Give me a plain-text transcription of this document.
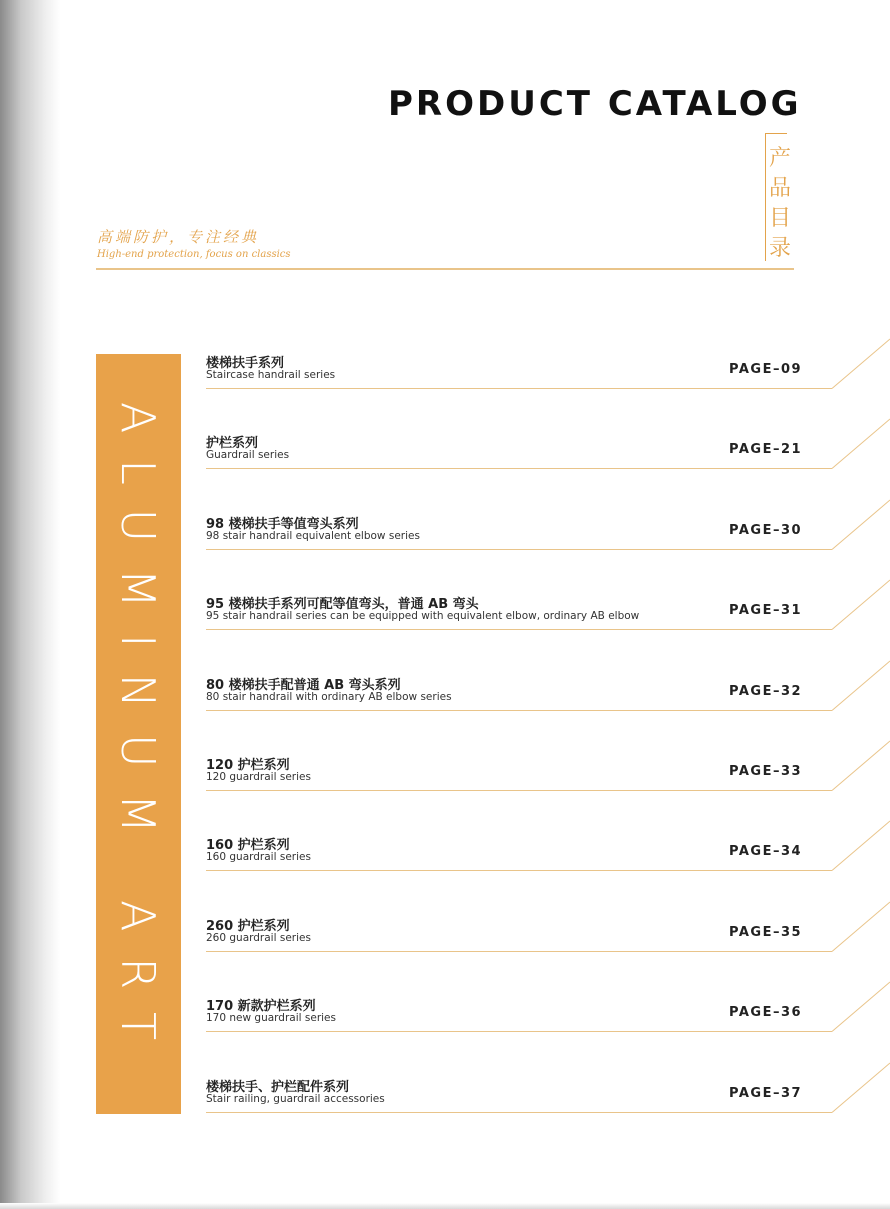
PRODUCT CATALOG
产
品
目
录
高端防护，专注经典
High-end protection, focus on classics
ALUMINUM ART
楼梯扶手系列
Staircase handrail series	PAGE–09
护栏系列
Guardrail series	PAGE–21
98 楼梯扶手等值弯头系列
98 stair handrail equivalent elbow series	PAGE–30
95 楼梯扶手系列可配等值弯头，普通 AB 弯头
95 stair handrail series can be equipped with equivalent elbow, ordinary AB elbow	PAGE–31
80 楼梯扶手配普通 AB 弯头系列
80 stair handrail with ordinary AB elbow series	PAGE–32
120 护栏系列
120 guardrail series	PAGE–33
160 护栏系列
160 guardrail series	PAGE–34
260 护栏系列
260 guardrail series	PAGE–35
170 新款护栏系列
170 new guardrail series	PAGE–36
楼梯扶手、护栏配件系列
Stair railing, guardrail accessories	PAGE–37
